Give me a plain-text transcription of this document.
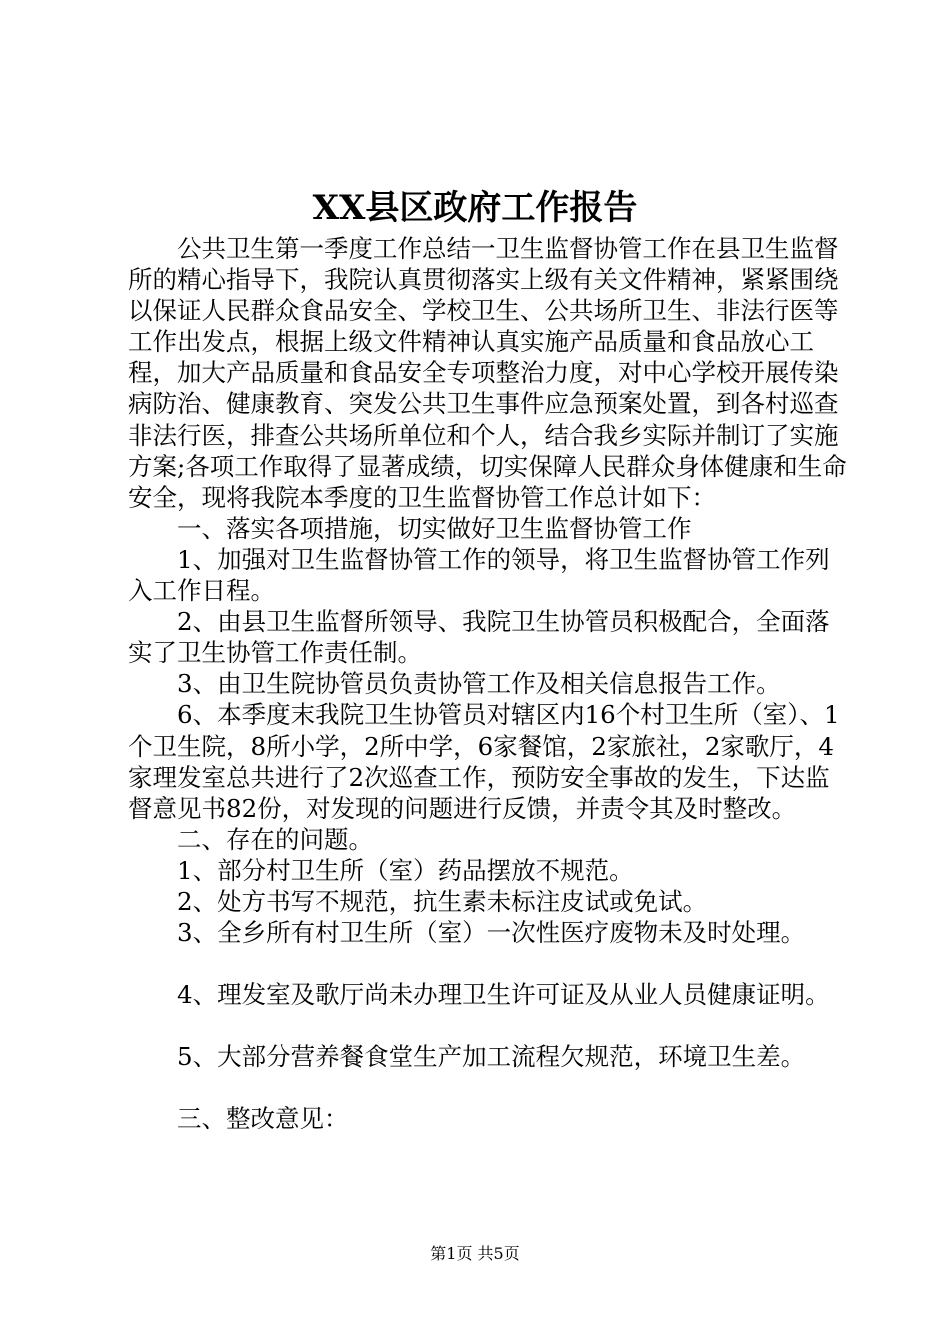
XX县区政府工作报告

公共卫生第一季度工作总结一卫生监督协管工作在县卫生监督所的精心指导下，我院认真贯彻落实上级有关文件精神，紧紧围绕以保证人民群众食品安全、学校卫生、公共场所卫生、非法行医等工作出发点，根据上级文件精神认真实施产品质量和食品放心工程，加大产品质量和食品安全专项整治力度，对中心学校开展传染病防治、健康教育、突发公共卫生事件应急预案处置，到各村巡查非法行医，排查公共场所单位和个人，结合我乡实际并制订了实施方案;各项工作取得了显著成绩，切实保障人民群众身体健康和生命安全，现将我院本季度的卫生监督协管工作总计如下：

一、落实各项措施，切实做好卫生监督协管工作

1、加强对卫生监督协管工作的领导，将卫生监督协管工作列入工作日程。

2、由县卫生监督所领导、我院卫生协管员积极配合，全面落实了卫生协管工作责任制。

3、由卫生院协管员负责协管工作及相关信息报告工作。

6、本季度末我院卫生协管员对辖区内16个村卫生所（室）、1个卫生院，8所小学，2所中学，6家餐馆，2家旅社，2家歌厅，4家理发室总共进行了2次巡查工作，预防安全事故的发生，下达监督意见书82份，对发现的问题进行反馈，并责令其及时整改。

二、存在的问题。

1、部分村卫生所（室）药品摆放不规范。

2、处方书写不规范，抗生素未标注皮试或免试。

3、全乡所有村卫生所（室）一次性医疗废物未及时处理。

4、理发室及歌厅尚未办理卫生许可证及从业人员健康证明。

5、大部分营养餐食堂生产加工流程欠规范，环境卫生差。

三、整改意见：

第1页 共5页
